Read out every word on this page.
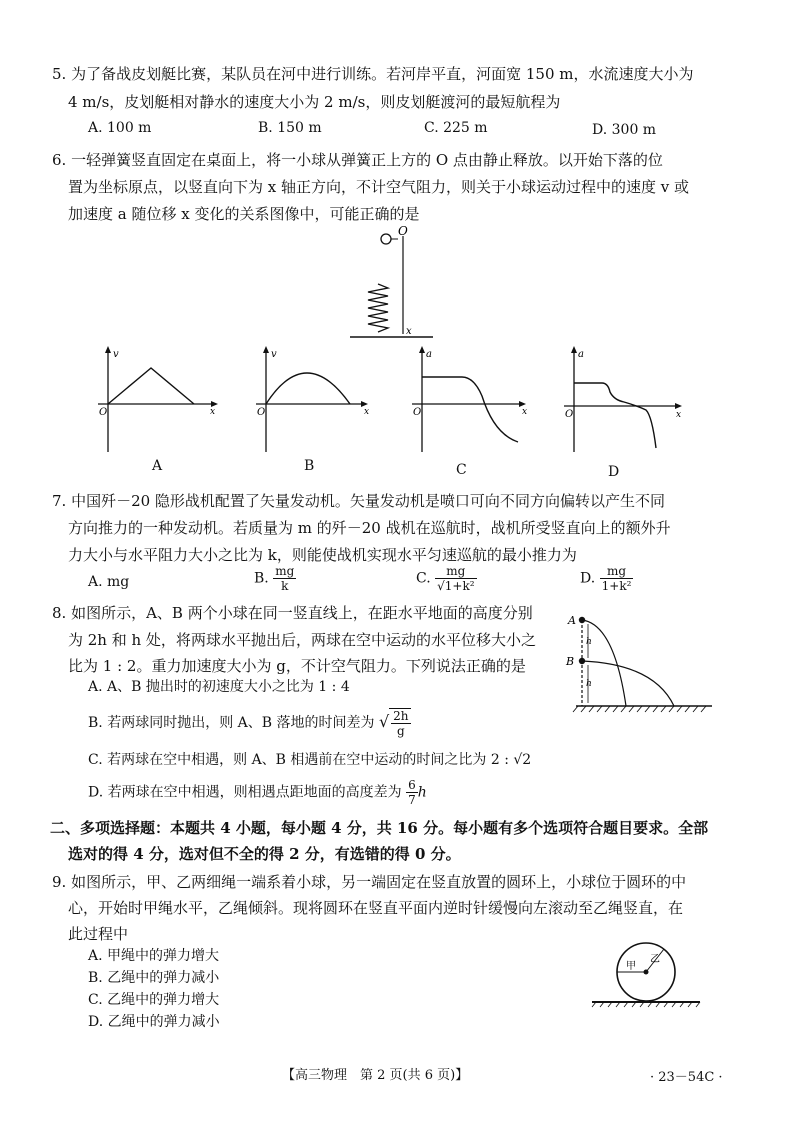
5. 为了备战皮划艇比赛，某队员在河中进行训练。若河岸平直，河面宽 150 m，水流速度大小为
4 m/s，皮划艇相对静水的速度大小为 2 m/s，则皮划艇渡河的最短航程为
A. 100 m	B. 150 m	C. 225 m	D. 300 m
6. 一轻弹簧竖直固定在桌面上，将一小球从弹簧正上方的 O 点由静止释放。以开始下落的位
置为坐标原点，以竖直向下为 x 轴正方向，不计空气阻力，则关于小球运动过程中的速度 v 或
加速度 a 随位移 x 变化的关系图像中，可能正确的是
O
x
v
O	x
A
v
O	x
B
a
O	x
C
a
O	x
D
7. 中国歼－20 隐形战机配置了矢量发动机。矢量发动机是喷口可向不同方向偏转以产生不同
方向推力的一种发动机。若质量为 m 的歼－20 战机在巡航时，战机所受竖直向上的额外升
力大小与水平阻力大小之比为 k，则能使战机实现水平匀速巡航的最小推力为
A. mg	B. $\frac{mg}{k}$	C. $\frac{mg}{\text{√1+k²}}$	D. $\frac{mg}{\text{1+k²}}$
8. 如图所示，A、B 两个小球在同一竖直线上，在距水平地面的高度分别
为 2h 和 h 处，将两球水平抛出后，两球在空中运动的水平位移大小之
比为 1 : 2。重力加速度大小为 g，不计空气阻力。下列说法正确的是
A. A、B 抛出时的初速度大小之比为 1 : 4
B. 若两球同时抛出，则 A、B 落地的时间差为 √ $\frac{2h}{g}$
C. 若两球在空中相遇，则 A、B 相遇前在空中运动的时间之比为 2 : √2
D. 若两球在空中相遇，则相遇点距地面的高度差为 $\frac{6}{7}$ h
A
B
h
h
二、多项选择题：本题共 4 小题，每小题 4 分，共 16 分。每小题有多个选项符合题目要求。全部
选对的得 4 分，选对但不全的得 2 分，有选错的得 0 分。
9. 如图所示，甲、乙两细绳一端系着小球，另一端固定在竖直放置的圆环上，小球位于圆环的中
心，开始时甲绳水平，乙绳倾斜。现将圆环在竖直平面内逆时针缓慢向左滚动至乙绳竖直，在
此过程中
A. 甲绳中的弹力增大
B. 乙绳中的弹力减小
C. 乙绳中的弹力增大
D. 乙绳中的弹力减小
甲
乙
【高三物理　第 2 页(共 6 页)】	· 23－54C ·
